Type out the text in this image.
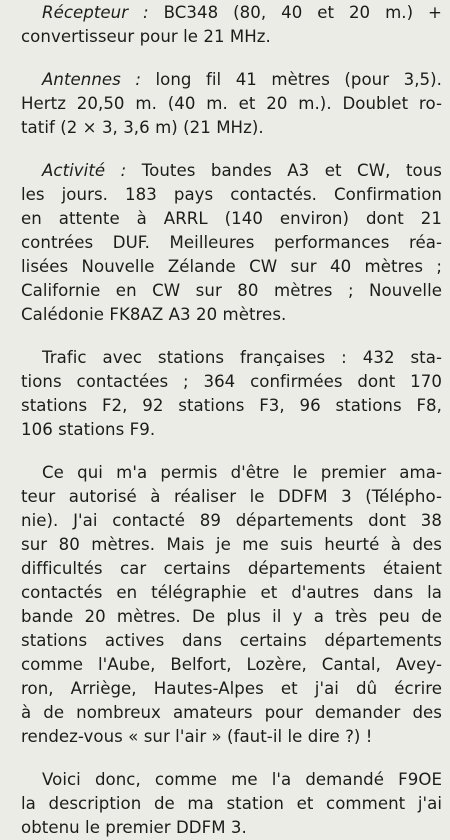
Récepteur : BC348 (80, 40 et 20 m.) +
convertisseur pour le 21 MHz.

Antennes : long fil 41 mètres (pour 3,5).
Hertz 20,50 m. (40 m. et 20 m.). Doublet ro-
tatif (2 × 3, 3,6 m) (21 MHz).

Activité : Toutes bandes A3 et CW, tous
les jours. 183 pays contactés. Confirmation
en attente à ARRL (140 environ) dont 21
contrées DUF. Meilleures performances réa-
lisées Nouvelle Zélande CW sur 40 mètres ;
Californie en CW sur 80 mètres ; Nouvelle
Calédonie FK8AZ A3 20 mètres.

Trafic avec stations françaises : 432 sta-
tions contactées ; 364 confirmées dont 170
stations F2, 92 stations F3, 96 stations F8,
106 stations F9.

Ce qui m'a permis d'être le premier ama-
teur autorisé à réaliser le DDFM 3 (Télépho-
nie). J'ai contacté 89 départements dont 38
sur 80 mètres. Mais je me suis heurté à des
difficultés car certains départements étaient
contactés en télégraphie et d'autres dans la
bande 20 mètres. De plus il y a très peu de
stations actives dans certains départements
comme l'Aube, Belfort, Lozère, Cantal, Avey-
ron, Arriège, Hautes-Alpes et j'ai dû écrire
à de nombreux amateurs pour demander des
rendez-vous « sur l'air » (faut-il le dire ?) !

Voici donc, comme me l'a demandé F9OE
la description de ma station et comment j'ai
obtenu le premier DDFM 3.
